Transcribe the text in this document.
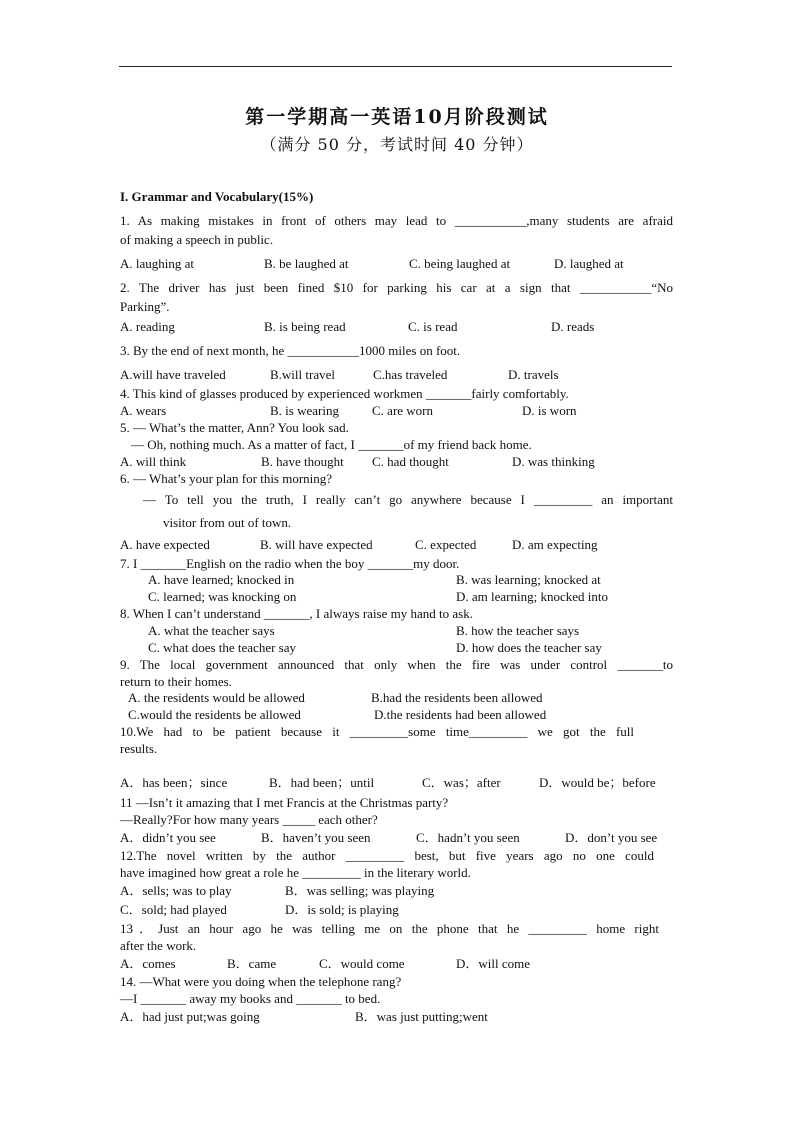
第一学期高一英语10月阶段测试
（满分 50 分，考试时间 40 分钟）
I. Grammar and Vocabulary(15%)
1. As making mistakes in front of others may lead to ___________,many students are afraid
of making a speech in public.
A. laughing at	B. be laughed at	C. being laughed at	D. laughed at
2. The driver has just been fined $10 for parking his car at a sign that ___________“No
Parking”.
A. reading	B. is being read	C. is read	D. reads
3. By the end of next month, he ___________1000 miles on foot.
A.will have traveled	B.will travel	C.has traveled	D. travels
4. This kind of glasses produced by experienced workmen _______fairly comfortably.
A. wears	B. is wearing	C. are worn	D. is worn
5. — What’s the matter, Ann? You look sad.
— Oh, nothing much. As a matter of fact, I _______of my friend back home.
A. will think	B. have thought C. had thought	D. was thinking
6. — What’s your plan for this morning?
— To tell you the truth, I really can’t go anywhere because I _________ an important
visitor from out of town.
A. have expected	B. will have expected	C. expected	D. am expecting
7. I _______English on the radio when the boy _______my door.
A. have learned; knocked in	B. was learning; knocked at
C. learned; was knocking on	D. am learning; knocked into
8. When I can’t understand _______, I always raise my hand to ask.
A. what the teacher says	B. how the teacher says
C. what does the teacher say	D. how does the teacher say
9. The local government announced that only when the fire was under control _______to
return to their homes.
A. the residents would be allowed	B.had the residents been allowed
C.would the residents be allowed	D.the residents had been allowed
10.We had to be patient because it _________some time_________ we got the full
results.
A．has been；since	B．had been；until	C．was；after	D．would be；before
11 —Isn’t it amazing that I met Francis at the Christmas party?
—Really?For how many years _____ each other?
A．didn’t you see	B．haven’t you seen	C．hadn’t you seen	D．don’t you see
12.The novel written by the author _________ best, but five years ago no one could
have imagined how great a role he _________ in the literary world.
A．sells; was to play	B．was selling; was playing
C．sold; had played	D．is sold; is playing
13．Just an hour ago he was telling me on the phone that he _________ home right
after the work.
A．comes	B．came	C．would come	D．will come
14. —What were you doing when the telephone rang?
—I _______ away my books and _______ to bed.
A．had just put;was going	B．was just putting;went
